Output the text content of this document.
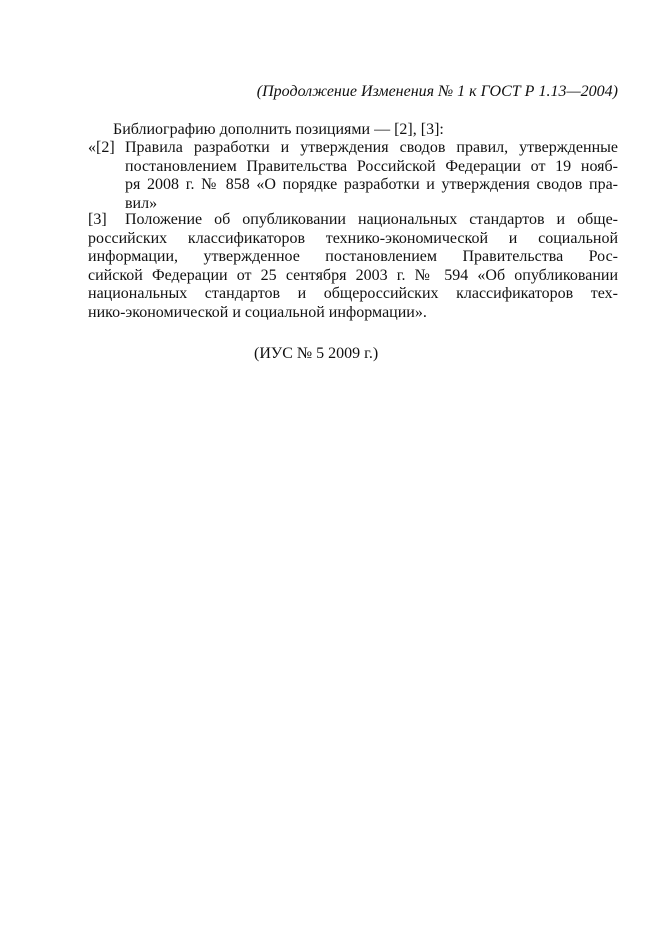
(Продолжение Изменения № 1 к ГОСТ Р 1.13—2004)
Библиографию дополнить позициями — [2], [3]:
«[2] Правила разработки и утверждения сводов правил, утвержденные
постановлением Правительства Российской Федерации от 19 нояб-
ря 2008 г. № 858 «О порядке разработки и утверждения сводов пра-
вил»
[3]	Положение об опубликовании национальных стандартов и обще-
российских классификаторов технико-экономической и социальной
информации, утвержденное постановлением Правительства Рос-
сийской Федерации от 25 сентября 2003 г. № 594 «Об опубликовании
национальных стандартов и общероссийских классификаторов тех-
нико-экономической и социальной информации».
(ИУС № 5 2009 г.)
